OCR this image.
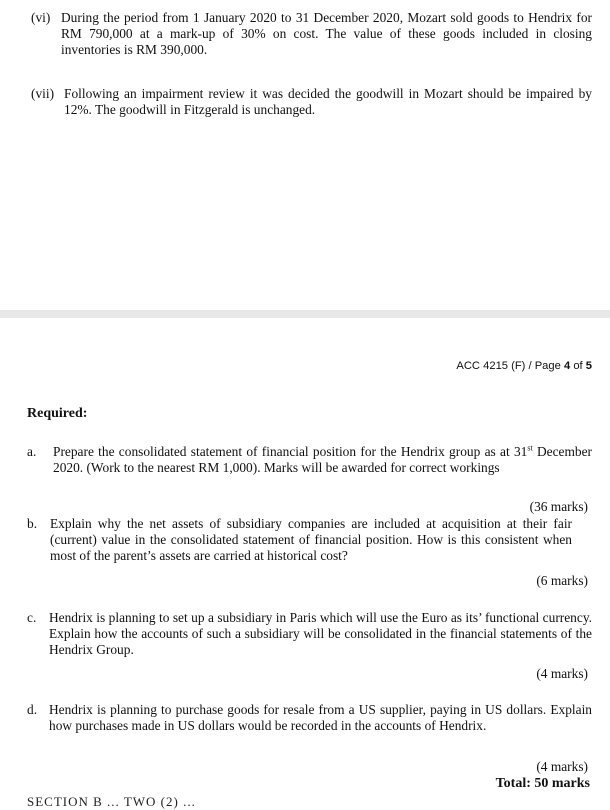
(vi) During the period from 1 January 2020 to 31 December 2020, Mozart sold goods to Hendrix for RM 790,000 at a mark-up of 30% on cost. The value of these goods included in closing inventories is RM 390,000.
(vii) Following an impairment review it was decided the goodwill in Mozart should be impaired by 12%. The goodwill in Fitzgerald is unchanged.
ACC 4215 (F) / Page 4 of 5
Required:
a. Prepare the consolidated statement of financial position for the Hendrix group as at 31st December 2020. (Work to the nearest RM 1,000). Marks will be awarded for correct workings
(36 marks)
b. Explain why the net assets of subsidiary companies are included at acquisition at their fair (current) value in the consolidated statement of financial position. How is this consistent when most of the parent’s assets are carried at historical cost?
(6 marks)
c. Hendrix is planning to set up a subsidiary in Paris which will use the Euro as its’ functional currency. Explain how the accounts of such a subsidiary will be consolidated in the financial statements of the Hendrix Group.
(4 marks)
d. Hendrix is planning to purchase goods for resale from a US supplier, paying in US dollars. Explain how purchases made in US dollars would be recorded in the accounts of Hendrix.
(4 marks)
Total: 50 marks
SECTION B ... TWO (2) ...
